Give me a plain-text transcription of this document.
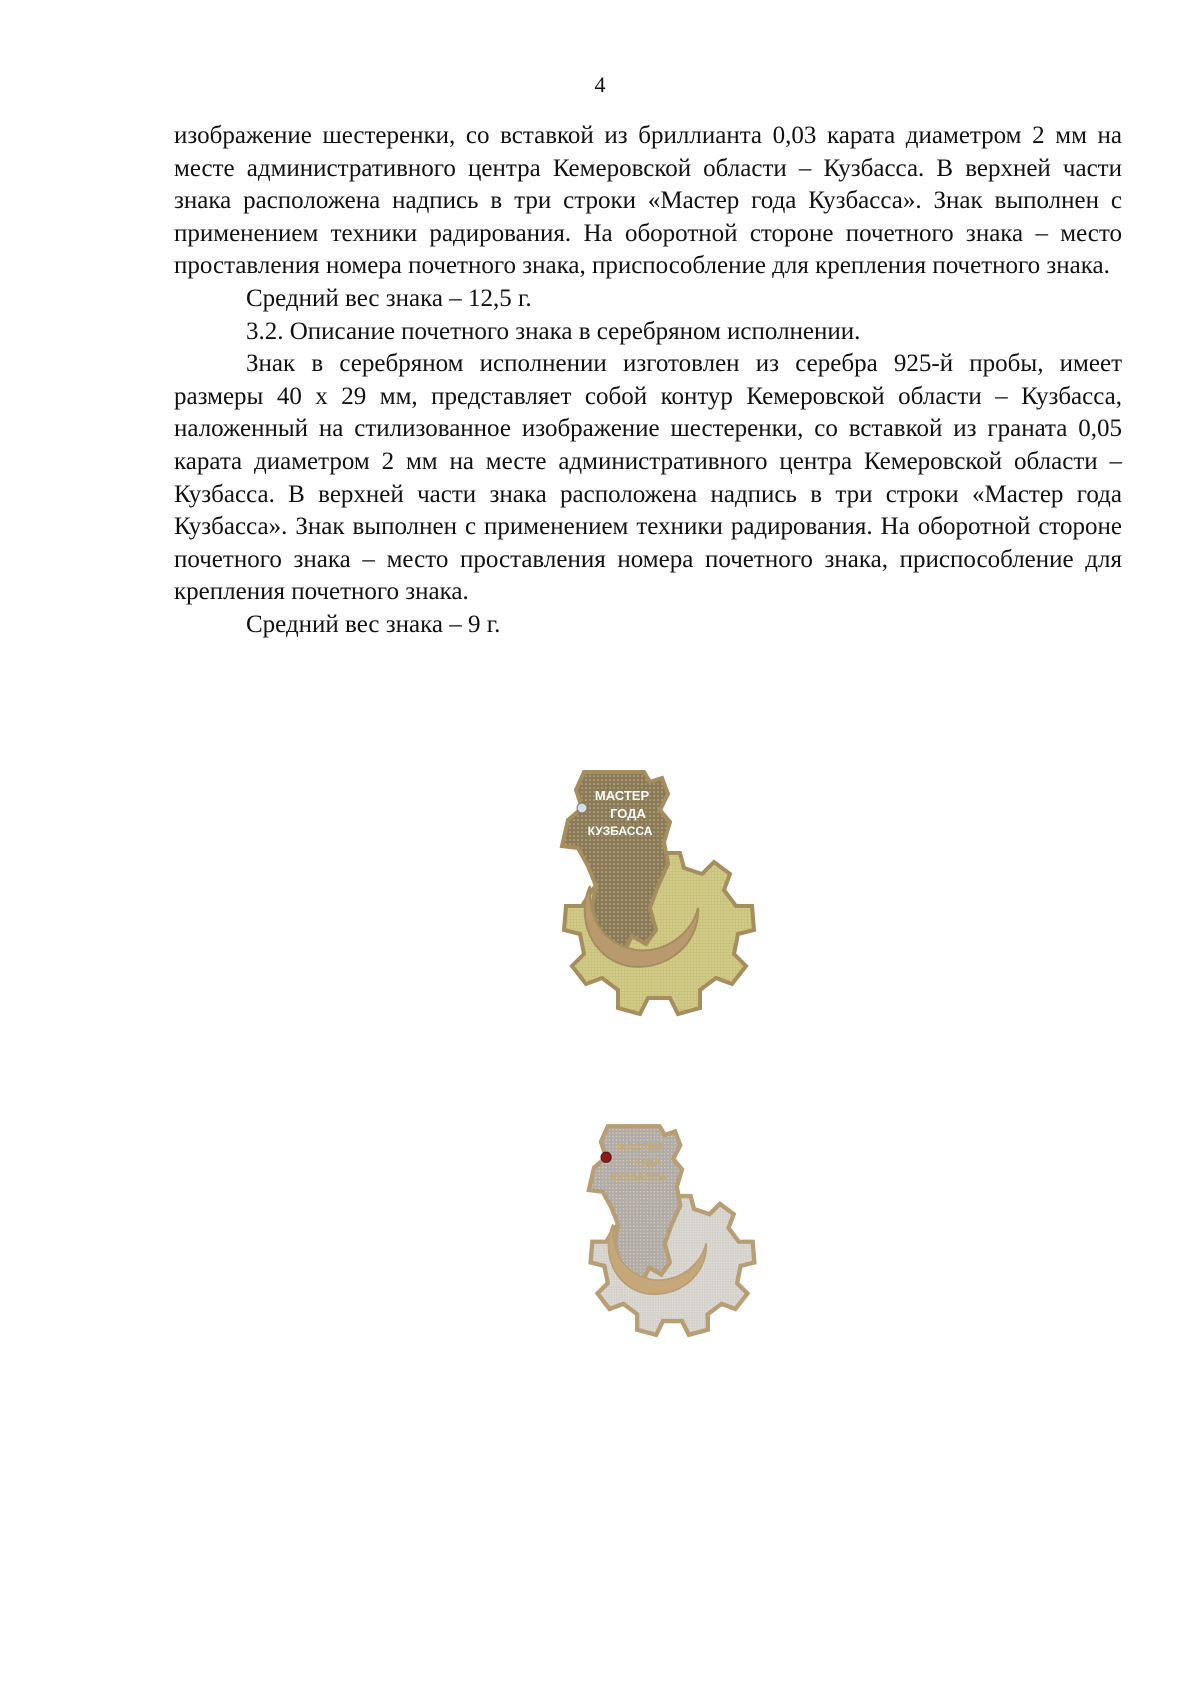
4

изображение шестеренки, со вставкой из бриллианта 0,03 карата диаметром 2 мм на месте административного центра Кемеровской области – Кузбасса. В верхней части знака расположена надпись в три строки «Мастер года Кузбасса». Знак выполнен с применением техники радирования. На оборотной стороне почетного знака – место проставления номера почетного знака, приспособление для крепления почетного знака.

Средний вес знака – 12,5 г.

3.2. Описание почетного знака в серебряном исполнении.

Знак в серебряном исполнении изготовлен из серебра 925-й пробы, имеет размеры 40 x 29 мм, представляет собой контур Кемеровской области – Кузбасса, наложенный на стилизованное изображение шестеренки, со вставкой из граната 0,05 карата диаметром 2 мм на месте административного центра Кемеровской области – Кузбасса. В верхней части знака расположена надпись в три строки «Мастер года Кузбасса». Знак выполнен с применением техники радирования. На оборотной стороне почетного знака – место проставления номера почетного знака, приспособление для крепления почетного знака.

Средний вес знака – 9 г.

МАСТЕР
ГОДА
КУЗБАССА
МАСТЕР
ГОДА
КУЗБАССА
